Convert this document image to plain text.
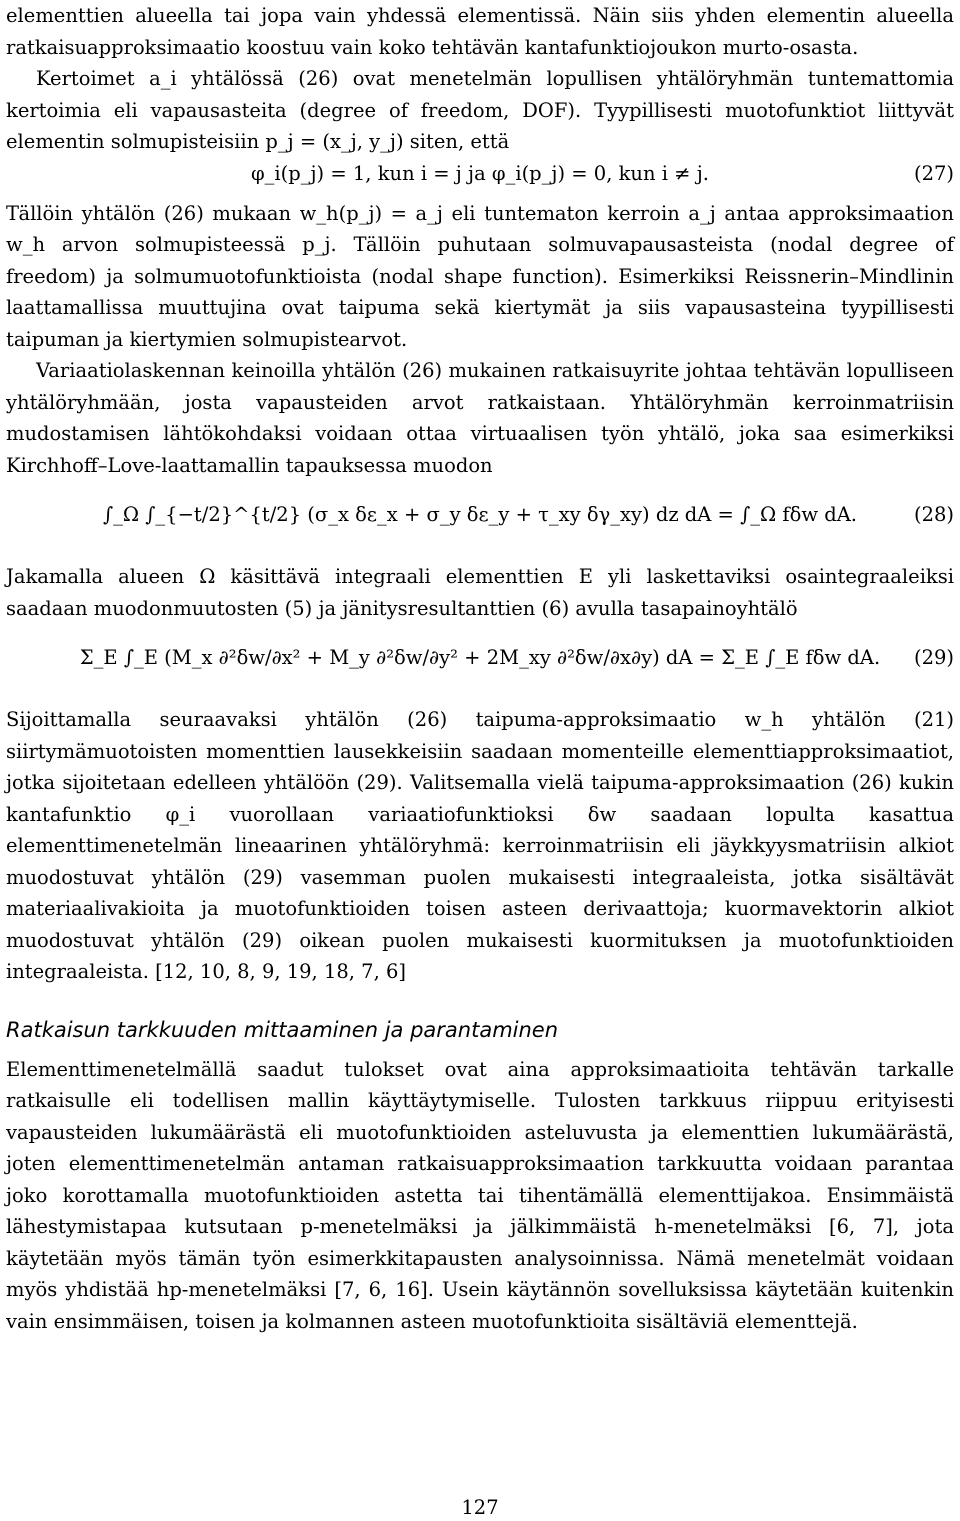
elementtien alueella tai jopa vain yhdessä elementissä. Näin siis yhden elementin alueella ratkaisuapproksimaatio koostuu vain koko tehtävän kantafunktiojoukon murto-osasta.

Kertoimet a_i yhtälössä (26) ovat menetelmän lopullisen yhtälöryhmän tuntemattomia kertoimia eli vapausasteita (degree of freedom, DOF). Tyypillisesti muotofunktiot liittyvät elementin solmupisteisiin p_j = (x_j, y_j) siten, että

φ_i(p_j) = 1, kun i = j ja φ_i(p_j) = 0, kun i ≠ j.	(27)

Tällöin yhtälön (26) mukaan w_h(p_j) = a_j eli tuntematon kerroin a_j antaa approksimaation w_h arvon solmupisteessä p_j. Tällöin puhutaan solmuvapausasteista (nodal degree of freedom) ja solmumuotofunktioista (nodal shape function). Esimerkiksi Reissnerin–Mindlinin laattamallissa muuttujina ovat taipuma sekä kiertymät ja siis vapausasteina tyypillisesti taipuman ja kiertymien solmupistearvot.

Variaatiolaskennan keinoilla yhtälön (26) mukainen ratkaisuyrite johtaa tehtävän lopulliseen yhtälöryhmään, josta vapausteiden arvot ratkaistaan. Yhtälöryhmän kerroinmatriisin mudostamisen lähtökohdaksi voidaan ottaa virtuaalisen työn yhtälö, joka saa esimerkiksi Kirchhoff–Love-laattamallin tapauksessa muodon

∫_Ω ∫_{−t/2}^{t/2} (σ_x δε_x + σ_y δε_y + τ_xy δγ_xy) dz dA = ∫_Ω fδw dA.	(28)

Jakamalla alueen Ω käsittävä integraali elementtien E yli laskettaviksi osaintegraaleiksi saadaan muodonmuutosten (5) ja jänitysresultanttien (6) avulla tasapainoyhtälö

Σ_E ∫_E (M_x ∂²δw/∂x² + M_y ∂²δw/∂y² + 2M_xy ∂²δw/∂x∂y) dA = Σ_E ∫_E fδw dA.	(29)

Sijoittamalla seuraavaksi yhtälön (26) taipuma-approksimaatio w_h yhtälön (21) siirtymämuotoisten momenttien lausekkeisiin saadaan momenteille elementtiapproksimaatiot, jotka sijoitetaan edelleen yhtälöön (29). Valitsemalla vielä taipuma-approksimaation (26) kukin kantafunktio φ_i vuorollaan variaatiofunktioksi δw saadaan lopulta kasattua elementtimenetelmän lineaarinen yhtälöryhmä: kerroinmatriisin eli jäykkyysmatriisin alkiot muodostuvat yhtälön (29) vasemman puolen mukaisesti integraaleista, jotka sisältävät materiaalivakioita ja muotofunktioiden toisen asteen derivaattoja; kuormavektorin alkiot muodostuvat yhtälön (29) oikean puolen mukaisesti kuormituksen ja muotofunktioiden integraaleista. [12, 10, 8, 9, 19, 18, 7, 6]

Ratkaisun tarkkuuden mittaaminen ja parantaminen

Elementtimenetelmällä saadut tulokset ovat aina approksimaatioita tehtävän tarkalle ratkaisulle eli todellisen mallin käyttäytymiselle. Tulosten tarkkuus riippuu erityisesti vapausteiden lukumäärästä eli muotofunktioiden asteluvusta ja elementtien lukumäärästä, joten elementtimenetelmän antaman ratkaisuapproksimaation tarkkuutta voidaan parantaa joko korottamalla muotofunktioiden astetta tai tihentämällä elementtijakoa. Ensimmäistä lähestymistapaa kutsutaan p-menetelmäksi ja jälkimmäistä h-menetelmäksi [6, 7], jota käytetään myös tämän työn esimerkkitapausten analysoinnissa. Nämä menetelmät voidaan myös yhdistää hp-menetelmäksi [7, 6, 16]. Usein käytännön sovelluksissa käytetään kuitenkin vain ensimmäisen, toisen ja kolmannen asteen muotofunktioita sisältäviä elementtejä.

127
